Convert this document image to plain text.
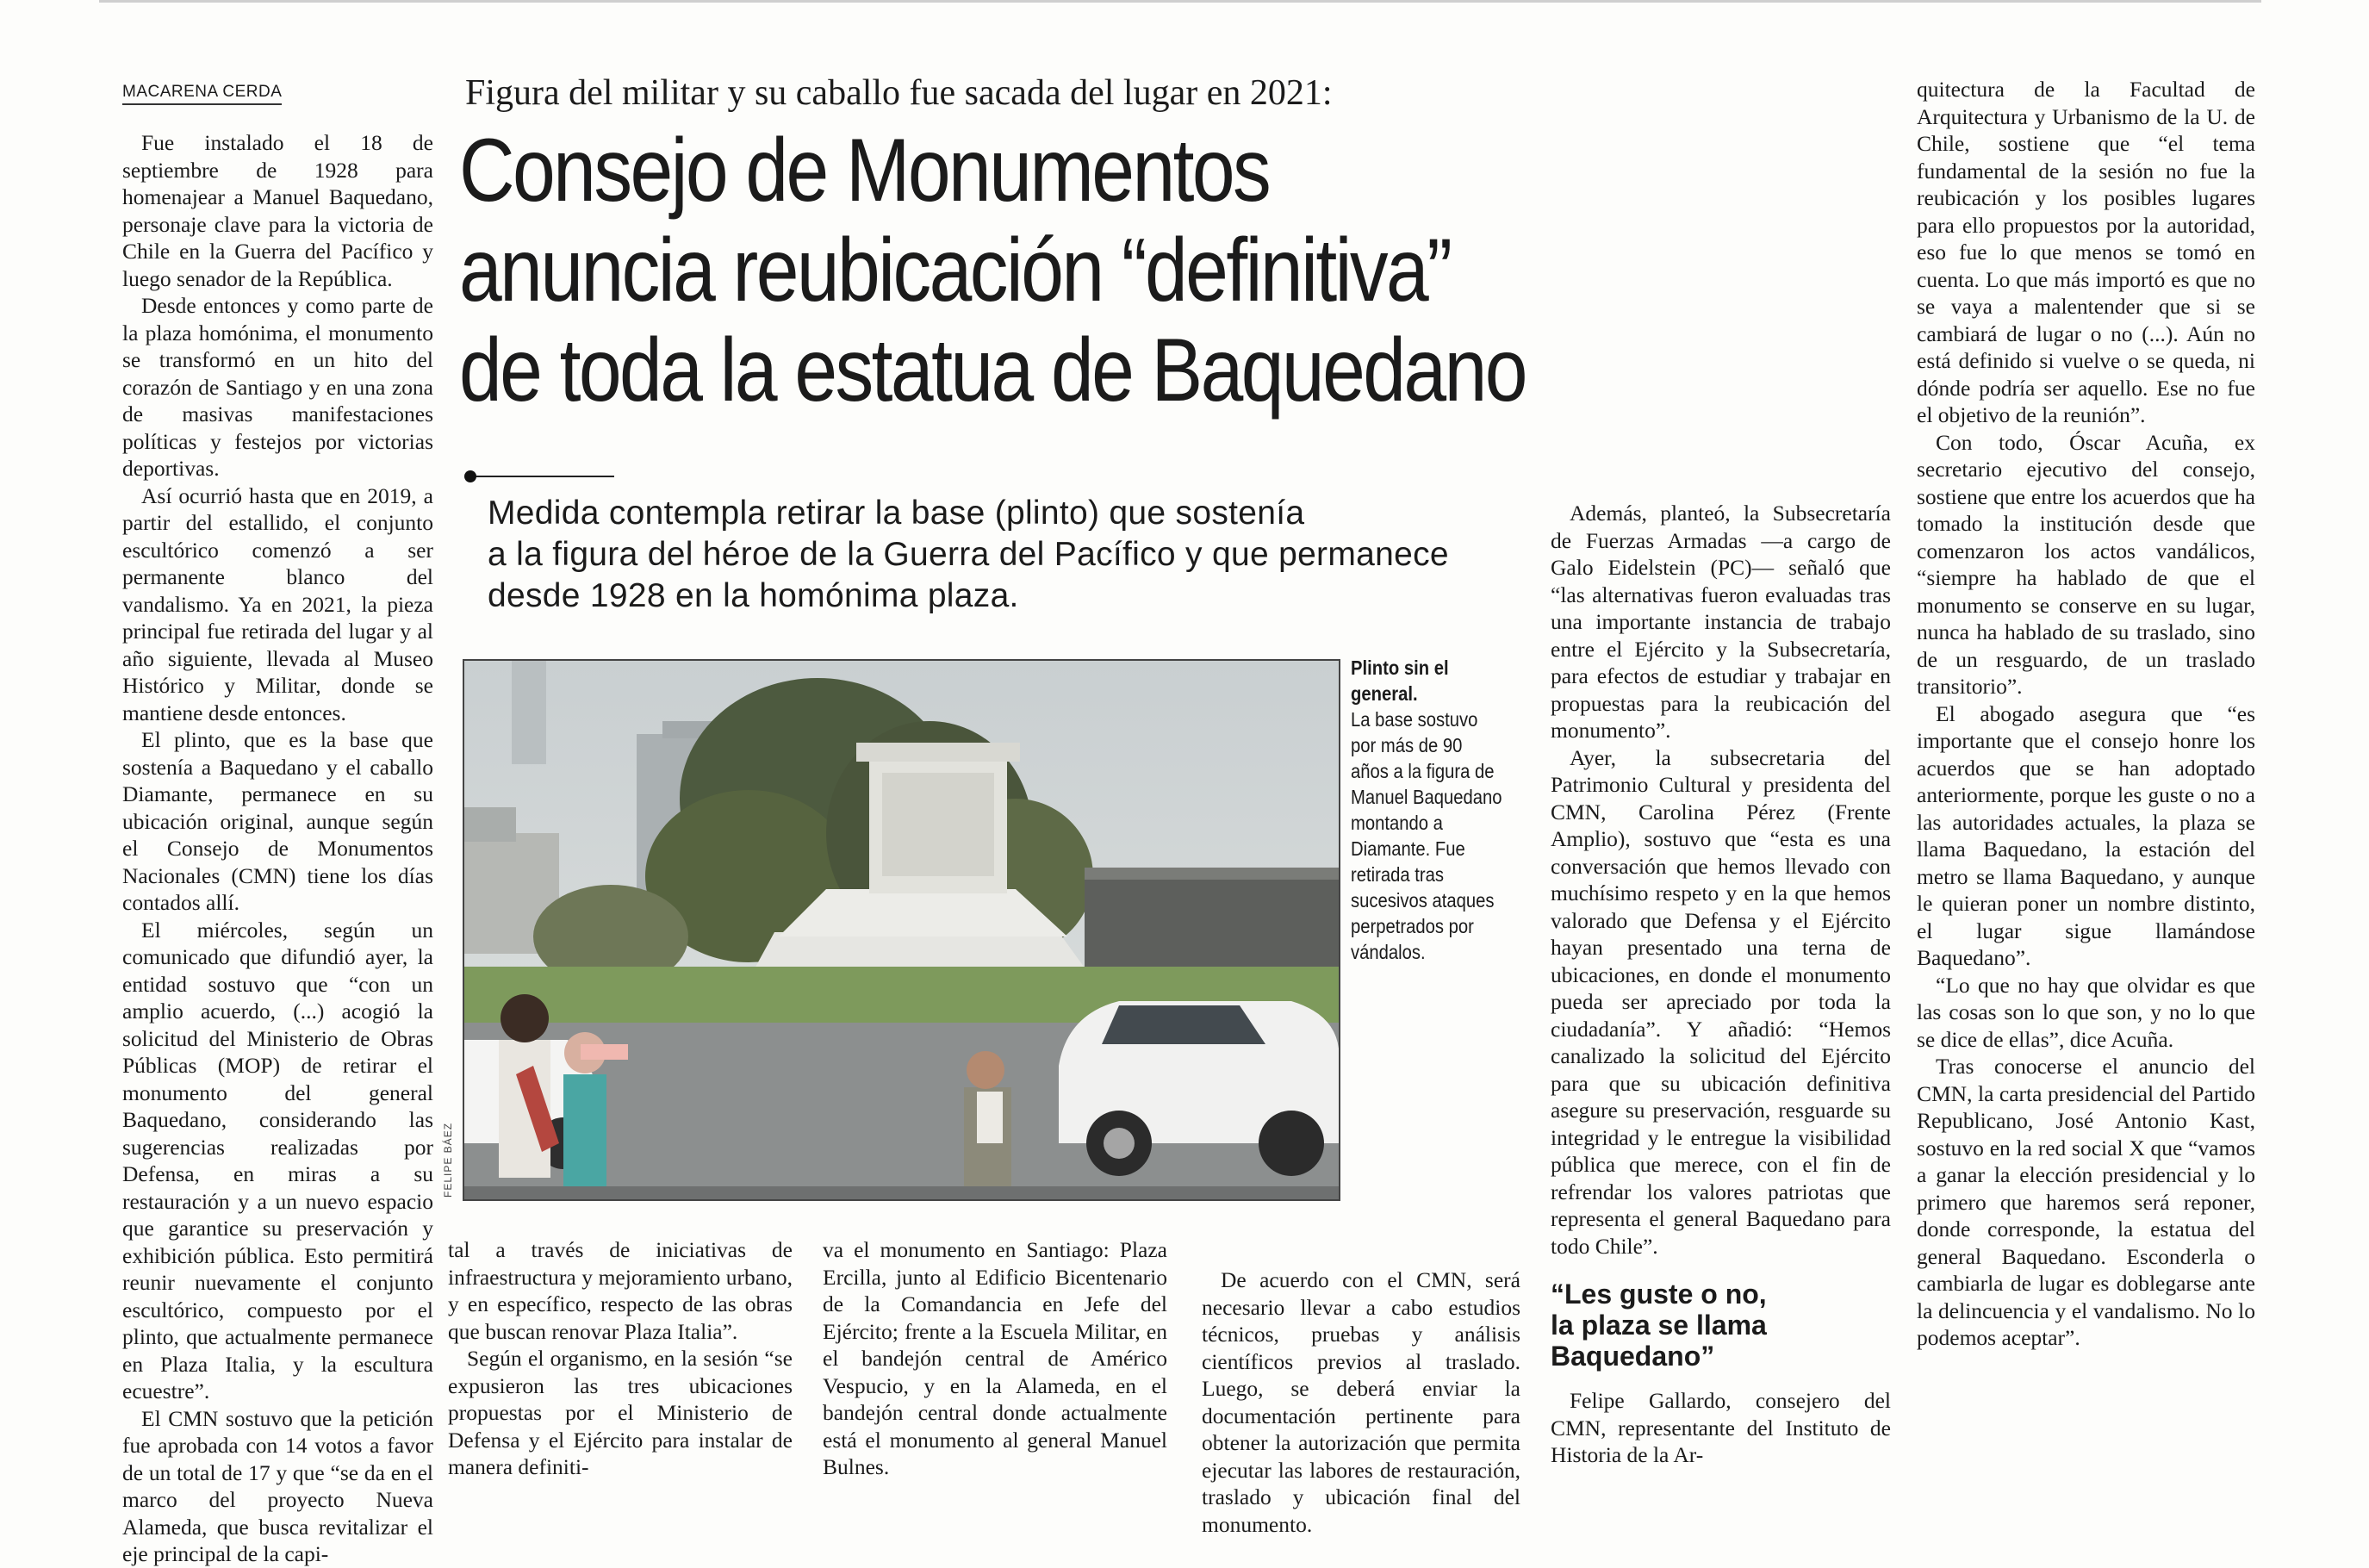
MACARENA CERDA

Fue instalado el 18 de septiembre de 1928 para homenajear a Manuel Baquedano, personaje clave para la victoria de Chile en la Guerra del Pacífico y luego senador de la República.

Desde entonces y como parte de la plaza homónima, el monumento se transformó en un hito del corazón de Santiago y en una zona de masivas manifestaciones políticas y festejos por victorias deportivas.

Así ocurrió hasta que en 2019, a partir del estallido, el conjunto escultórico comenzó a ser permanente blanco del vandalismo. Ya en 2021, la pieza principal fue retirada del lugar y al año siguiente, llevada al Museo Histórico y Militar, donde se mantiene desde entonces.

El plinto, que es la base que sostenía a Baquedano y el caballo Diamante, permanece en su ubicación original, aunque según el Consejo de Monumentos Nacionales (CMN) tiene los días contados allí.

El miércoles, según un comunicado que difundió ayer, la entidad sostuvo que “con un amplio acuerdo, (...) acogió la solicitud del Ministerio de Obras Públicas (MOP) de retirar el monumento del general Baquedano, considerando las sugerencias realizadas por Defensa, en miras a su restauración y a un nuevo espacio que garantice su preservación y exhibición pública. Esto permitirá reunir nuevamente el conjunto escultórico, compuesto por el plinto, que actualmente permanece en Plaza Italia, y la escultura ecuestre”.

El CMN sostuvo que la petición fue aprobada con 14 votos a favor de un total de 17 y que “se da en el marco del proyecto Nueva Alameda, que busca revitalizar el eje principal de la capi-

Figura del militar y su caballo fue sacada del lugar en 2021:
Consejo de Monumentos
anuncia reubicación “definitiva”
de toda la estatua de Baquedano
Medida contempla retirar la base (plinto) que sostenía
a la figura del héroe de la Guerra del Pacífico y que permanece
desde 1928 en la homónima plaza.
FELIPE BÁEZ
Plinto sin el general.
La base sostuvo por más de 90 años a la figura de Manuel Baquedano montando a Diamante. Fue retirada tras sucesivos ataques perpetrados por vándalos.

tal a través de iniciativas de infraestructura y mejoramiento urbano, y en específico, respecto de las obras que buscan renovar Plaza Italia”.

Según el organismo, en la sesión “se expusieron las tres ubicaciones propuestas por el Ministerio de Defensa y el Ejército para instalar de manera definiti-

va el monumento en Santiago: Plaza Ercilla, junto al Edificio Bicentenario de la Comandancia en Jefe del Ejército; frente a la Escuela Militar, en el bandejón central de Américo Vespucio, y en la Alameda, en el bandejón central donde actualmente está el monumento al general Manuel Bulnes.

De acuerdo con el CMN, será necesario llevar a cabo estudios técnicos, pruebas y análisis científicos previos al traslado. Luego, se deberá enviar la documentación pertinente para obtener la autorización que permita ejecutar las labores de restauración, traslado y ubicación final del monumento.

Además, planteó, la Subsecretaría de Fuerzas Armadas —a cargo de Galo Eidelstein (PC)— señaló que “las alternativas fueron evaluadas tras una importante instancia de trabajo entre el Ejército y la Subsecretaría, para efectos de estudiar y trabajar en propuestas para la reubicación del monumento”.

Ayer, la subsecretaria del Patrimonio Cultural y presidenta del CMN, Carolina Pérez (Frente Amplio), sostuvo que “esta es una conversación que hemos llevado con muchísimo respeto y en la que hemos valorado que Defensa y el Ejército hayan presentado una terna de ubicaciones, en donde el monumento pueda ser apreciado por toda la ciudadanía”. Y añadió: “Hemos canalizado la solicitud del Ejército para que su ubicación definitiva asegure su preservación, resguarde su integridad y le entregue la visibilidad pública que merece, con el fin de refrendar los valores patriotas que representa el general Baquedano para todo Chile”.

“Les guste o no,
la plaza se llama
Baquedano”

Felipe Gallardo, consejero del CMN, representante del Instituto de Historia de la Ar-

quitectura de la Facultad de Arquitectura y Urbanismo de la U. de Chile, sostiene que “el tema fundamental de la sesión no fue la reubicación y los posibles lugares para ello propuestos por la autoridad, eso fue lo que menos se tomó en cuenta. Lo que más importó es que no se vaya a malentender que si se cambiará de lugar o no (...). Aún no está definido si vuelve o se queda, ni dónde podría ser aquello. Ese no fue el objetivo de la reunión”.

Con todo, Óscar Acuña, ex secretario ejecutivo del consejo, sostiene que entre los acuerdos que ha tomado la institución desde que comenzaron los actos vandálicos, “siempre ha hablado de que el monumento se conserve en su lugar, nunca ha hablado de su traslado, sino de un resguardo, de un traslado transitorio”.

El abogado asegura que “es importante que el consejo honre los acuerdos que se han adoptado anteriormente, porque les guste o no a las autoridades actuales, la plaza se llama Baquedano, la estación del metro se llama Baquedano, y aunque le quieran poner un nombre distinto, el lugar sigue llamándose Baquedano”.

“Lo que no hay que olvidar es que las cosas son lo que son, y no lo que se dice de ellas”, dice Acuña.

Tras conocerse el anuncio del CMN, la carta presidencial del Partido Republicano, José Antonio Kast, sostuvo en la red social X que “vamos a ganar la elección presidencial y lo primero que haremos será reponer, donde corresponde, la estatua del general Baquedano. Esconderla o cambiarla de lugar es doblegarse ante la delincuencia y el vandalismo. No lo podemos aceptar”.
